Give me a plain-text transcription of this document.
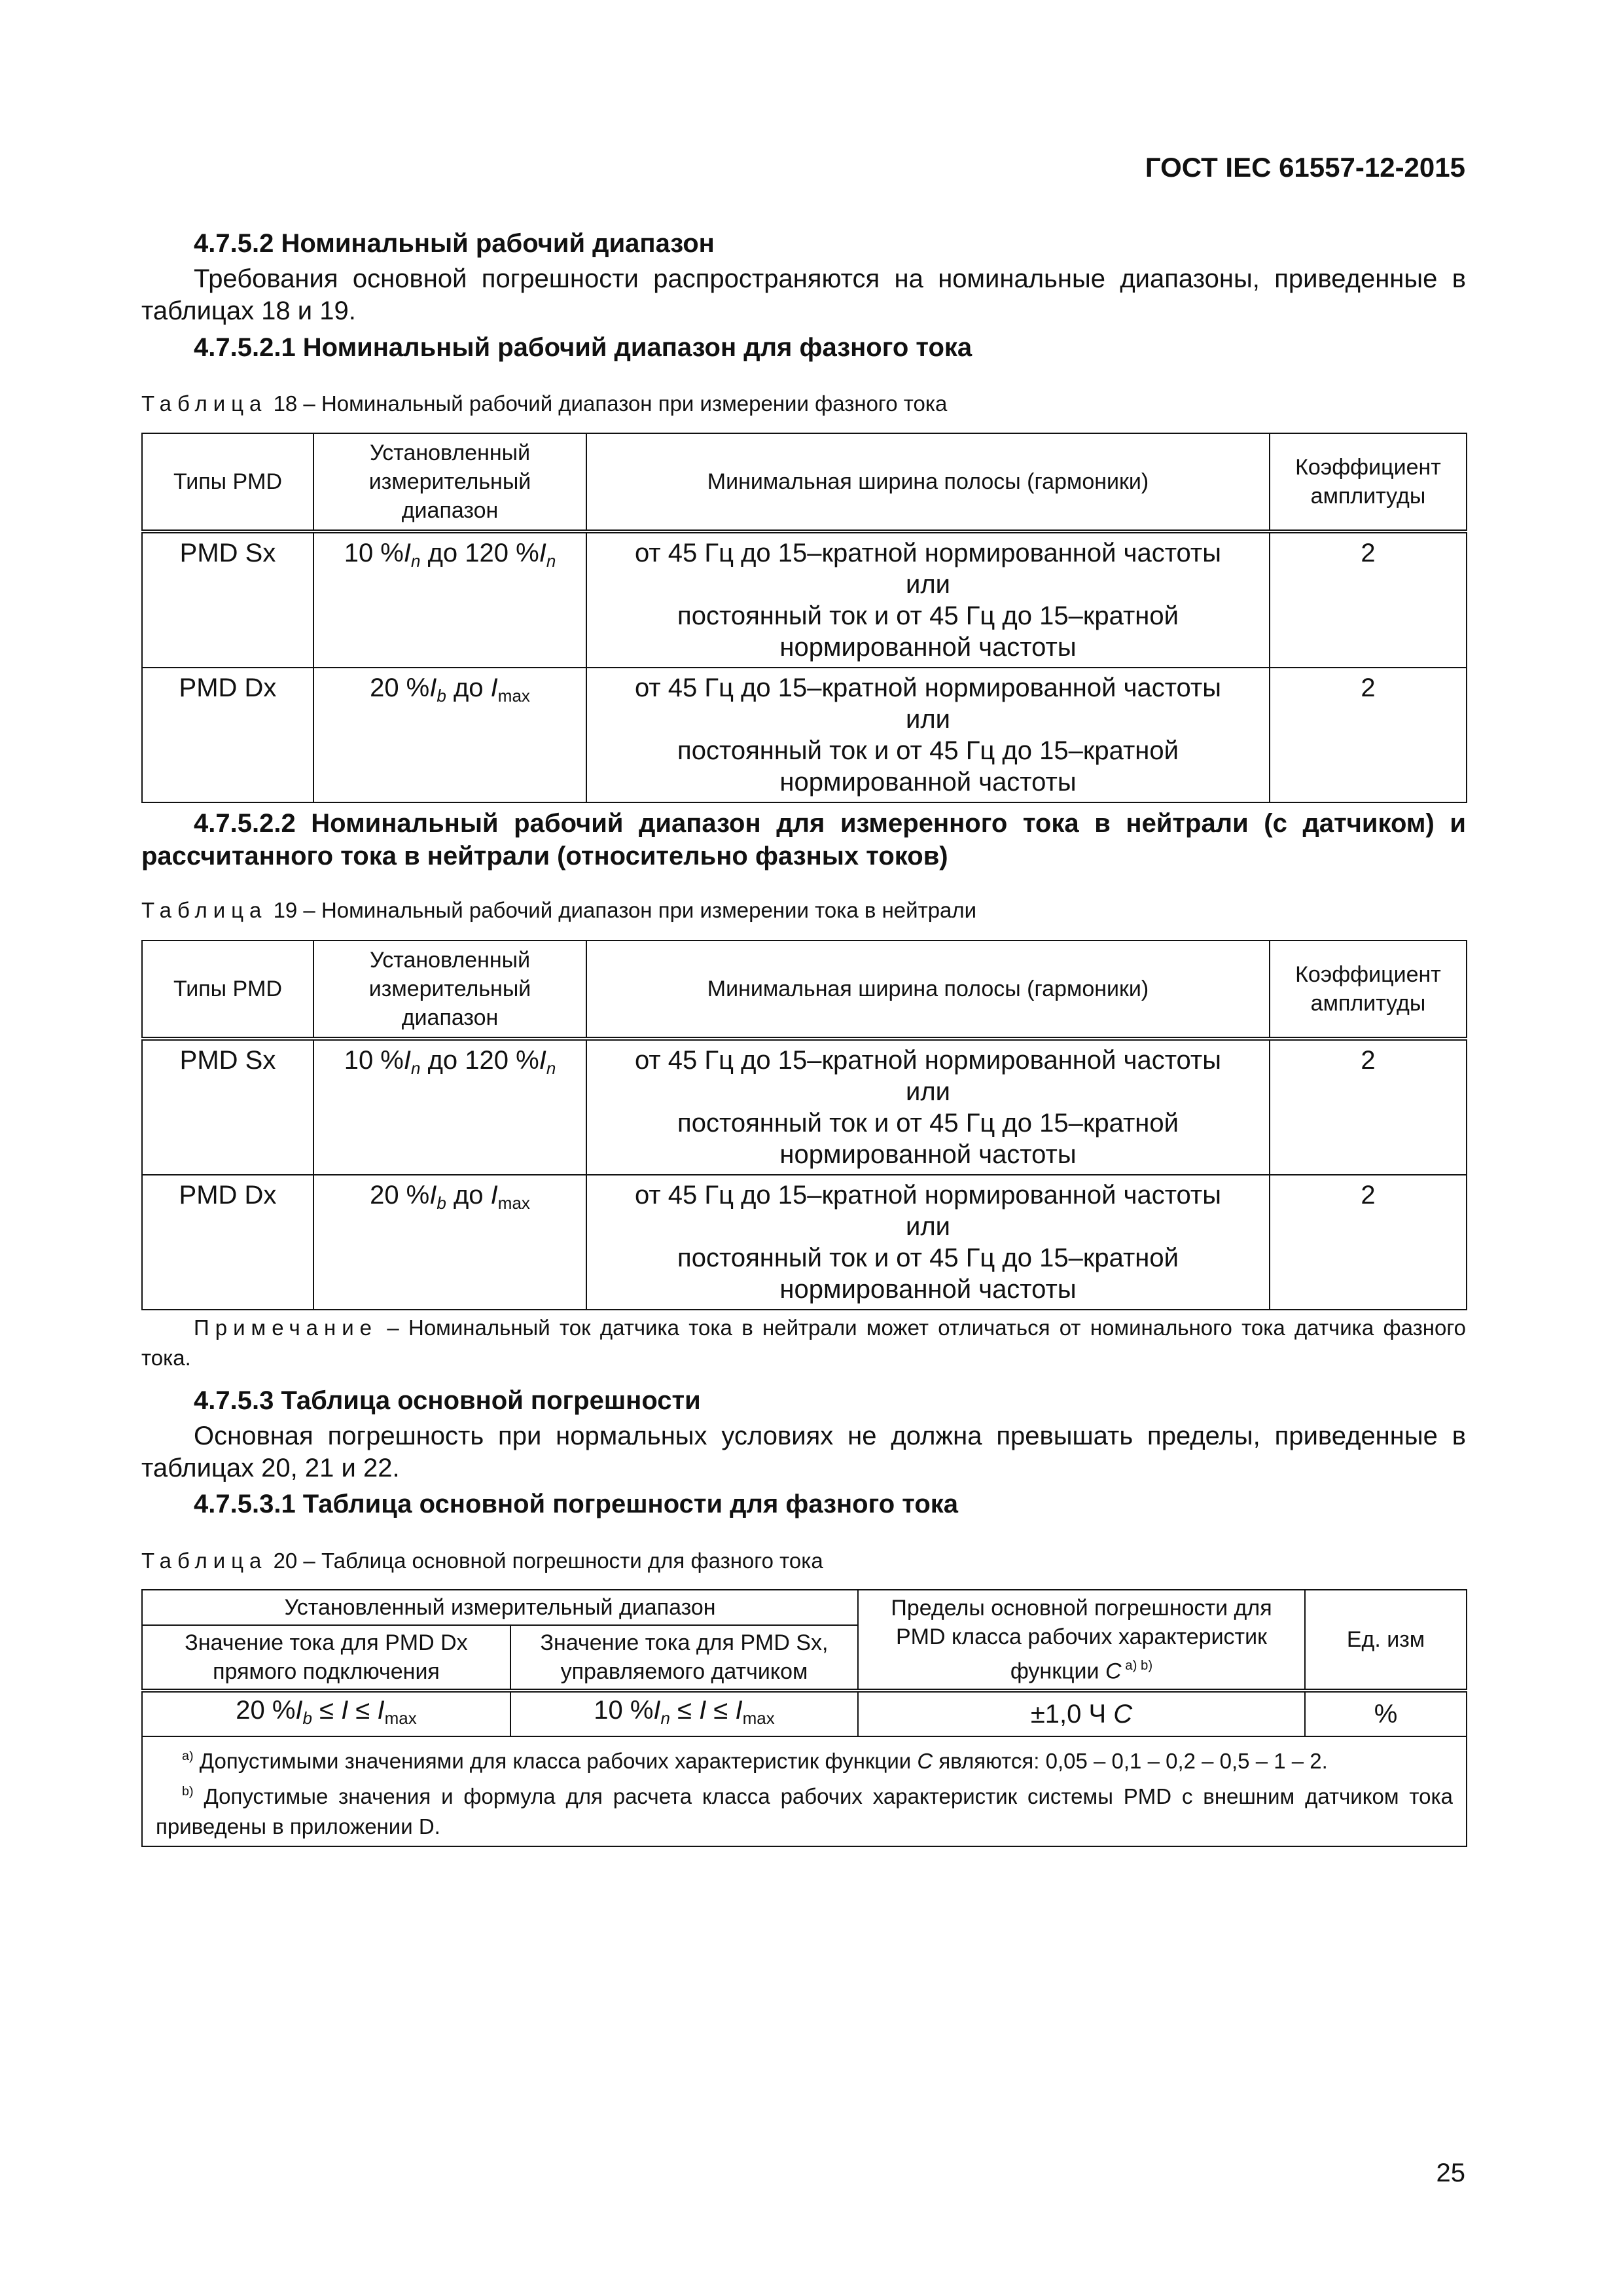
ГОСТ IEC 61557-12-2015
4.7.5.2 Номинальный рабочий диапазон
Требования основной погрешности распространяются на номинальные диапазоны, приведенные в таблицах 18 и 19.
4.7.5.2.1 Номинальный рабочий диапазон для фазного тока
Таблица 18 – Номинальный рабочий диапазон при измерении фазного тока
Типы PMD	Установленный измерительный диапазон	Минимальная ширина полосы (гармоники)	Коэффициент амплитуды
PMD Sx	10 $\%I_n$ до 120 $\%I_n$	от 45 Гц до 15–кратной нормированной частоты
или
постоянный ток и от 45 Гц до 15–кратной нормированной частоты	2
PMD Dx	20 $\%I_b$ до $I_{max}$	от 45 Гц до 15–кратной нормированной частоты
или
постоянный ток и от 45 Гц до 15–кратной нормированной частоты	2
4.7.5.2.2 Номинальный рабочий диапазон для измеренного тока в нейтрали (с датчиком) и рассчитанного тока в нейтрали (относительно фазных токов)
Таблица 19 – Номинальный рабочий диапазон при измерении тока в нейтрали
Типы PMD	Установленный измерительный диапазон	Минимальная ширина полосы (гармоники)	Коэффициент амплитуды
PMD Sx	10 $\%I_n$ до 120 $\%I_n$	от 45 Гц до 15–кратной нормированной частоты
или
постоянный ток и от 45 Гц до 15–кратной нормированной частоты	2
PMD Dx	20 $\%I_b$ до $I_{max}$	от 45 Гц до 15–кратной нормированной частоты
или
постоянный ток и от 45 Гц до 15–кратной нормированной частоты	2
Примечание – Номинальный ток датчика тока в нейтрали может отличаться от номинального тока датчика фазного тока.
4.7.5.3 Таблица основной погрешности
Основная погрешность при нормальных условиях не должна превышать пределы, приведенные в таблицах 20, 21 и 22.
4.7.5.3.1 Таблица основной погрешности для фазного тока
Таблица 20 – Таблица основной погрешности для фазного тока
Установленный измерительный диапазон		Пределы основной погрешности для PMD класса рабочих характеристик функции C $^{a) b)}$	Ед. изм
Значение тока для PMD Dx прямого подключения	Значение тока для PMD Sx, управляемого датчиком		
20 $\%I_b \le I \le I_{max}$	10 $\%I_n \le I \le I_{max}$	±1,0 Ч C	%

$^{a)}$ Допустимыми значениями для класса рабочих характеристик функции C являются: 0,05 – 0,1 – 0,2 – 0,5 – 1 – 2.
$^{b)}$ Допустимые значения и формула для расчета класса рабочих характеристик системы PMD с внешним датчиком тока приведены в приложении D.			
25
